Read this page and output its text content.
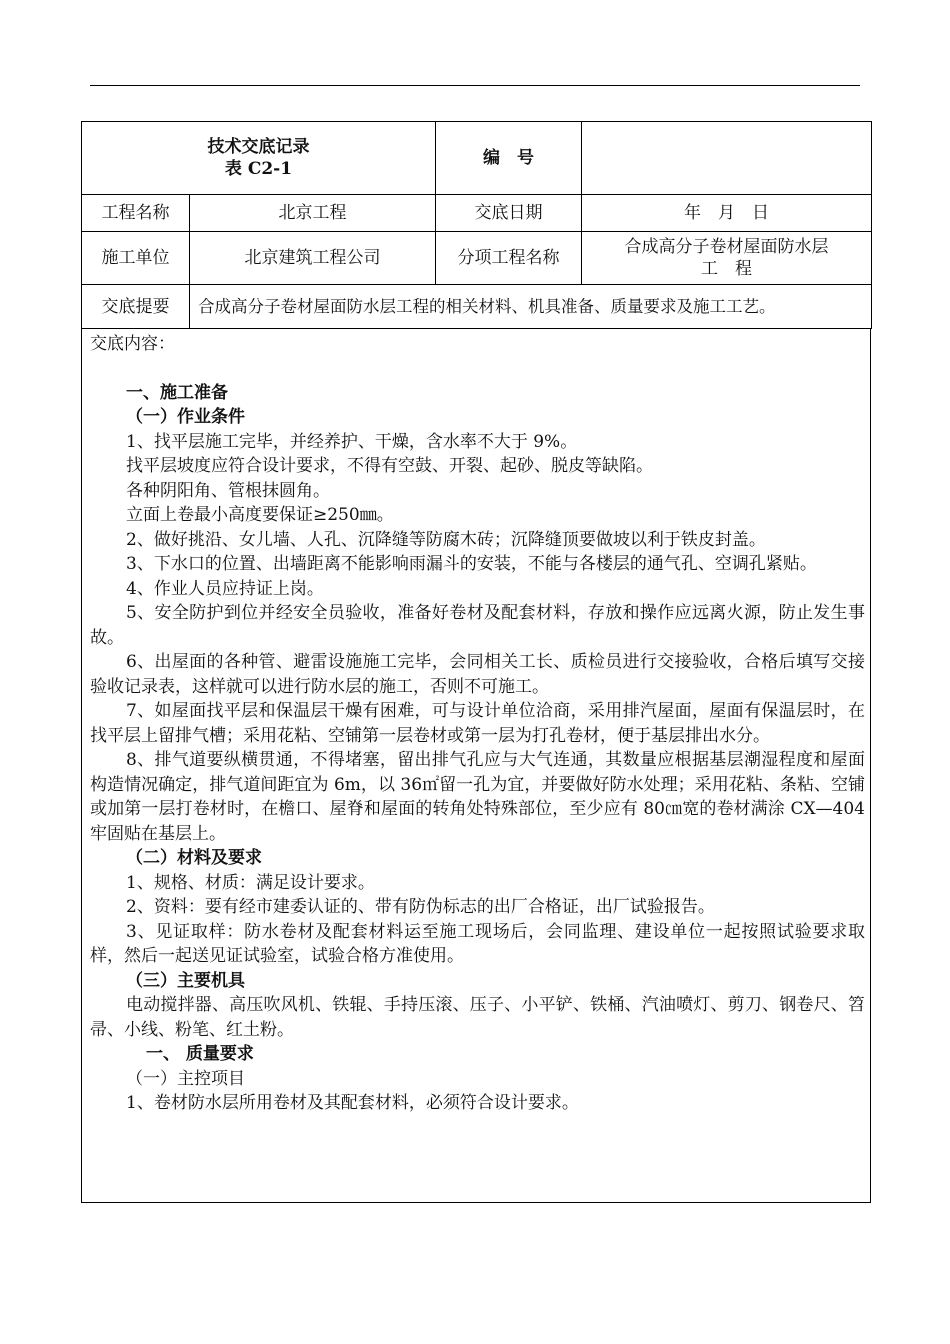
技术交底记录
表 C2-1		编　号	
工程名称	北京工程	交底日期	年　月　日
施工单位	北京建筑工程公司	分项工程名称	合成高分子卷材屋面防水层
工　程

交底提要	合成高分子卷材屋面防水层工程的相关材料、机具准备、质量要求及施工工艺。		

交底内容：

一、施工准备

（一）作业条件

1、找平层施工完毕，并经养护、干燥，含水率不大于 9%。

找平层坡度应符合设计要求，不得有空鼓、开裂、起砂、脱皮等缺陷。

各种阴阳角、管根抹圆角。

立面上卷最小高度要保证≥250㎜。

2、做好挑沿、女儿墙、人孔、沉降缝等防腐木砖；沉降缝顶要做坡以利于铁皮封盖。

3、下水口的位置、出墙距离不能影响雨漏斗的安装，不能与各楼层的通气孔、空调孔紧贴。

4、作业人员应持证上岗。

5、安全防护到位并经安全员验收，准备好卷材及配套材料，存放和操作应远离火源，防止发生事故。

6、出屋面的各种管、避雷设施施工完毕，会同相关工长、质检员进行交接验收，合格后填写交接验收记录表，这样就可以进行防水层的施工，否则不可施工。

7、如屋面找平层和保温层干燥有困难，可与设计单位洽商，采用排汽屋面，屋面有保温层时，在找平层上留排气槽；采用花粘、空铺第一层卷材或第一层为打孔卷材，便于基层排出水分。

8、排气道要纵横贯通，不得堵塞，留出排气孔应与大气连通，其数量应根据基层潮湿程度和屋面构造情况确定，排气道间距宜为 6m，以 36㎡留一孔为宜，并要做好防水处理；采用花粘、条粘、空铺或加第一层打卷材时，在檐口、屋脊和屋面的转角处特殊部位，至少应有 80㎝宽的卷材满涂 CX—404 牢固贴在基层上。

（二）材料及要求

1、规格、材质：满足设计要求。

2、资料：要有经市建委认证的、带有防伪标志的出厂合格证，出厂试验报告。

3、见证取样：防水卷材及配套材料运至施工现场后，会同监理、建设单位一起按照试验要求取样，然后一起送见证试验室，试验合格方准使用。

（三）主要机具

电动搅拌器、高压吹风机、铁辊、手持压滚、压子、小平铲、铁桶、汽油喷灯、剪刀、钢卷尺、笤帚、小线、粉笔、红土粉。

一、 质量要求

（一）主控项目

1、卷材防水层所用卷材及其配套材料，必须符合设计要求。
